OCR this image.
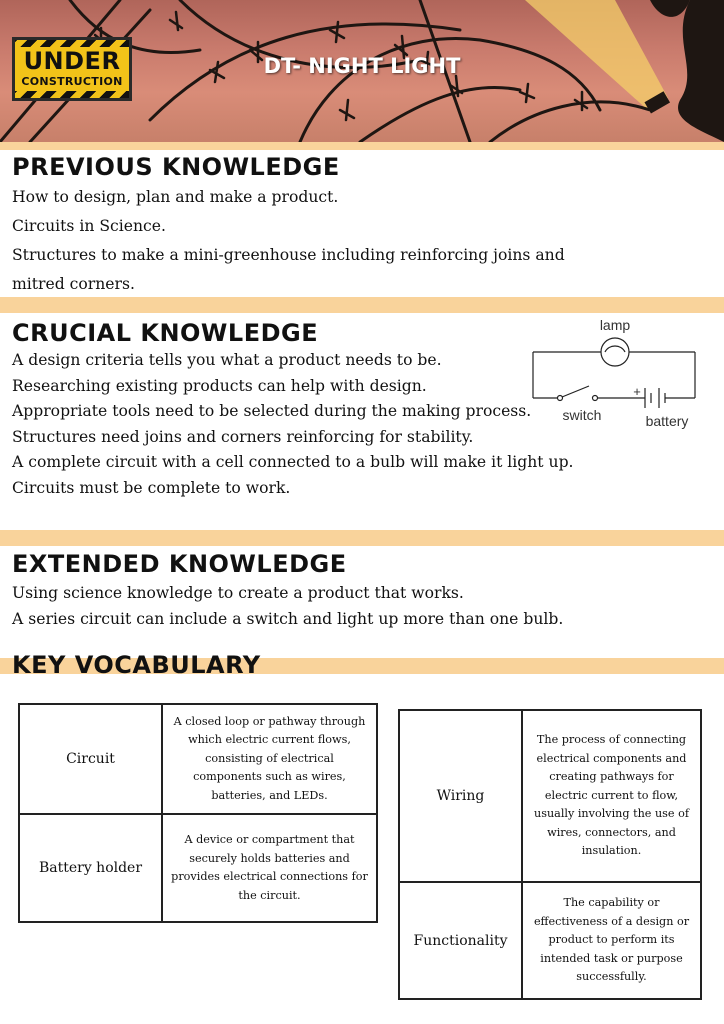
UNDER
CONSTRUCTION
DT- NIGHT LIGHT
PREVIOUS KNOWLEDGE
How to design, plan and make a product.
Circuits in Science.
Structures to make a mini-greenhouse including reinforcing joins and
mitred corners.
CRUCIAL KNOWLEDGE
A design criteria tells you what a product needs to be.
Researching existing products can help with design.
Appropriate tools need to be selected during the making process.
Structures need joins and corners reinforcing for stability.
A complete circuit with a cell connected to a bulb will make it light up.
Circuits must be complete to work.
lamp
switch	battery
+
EXTENDED KNOWLEDGE
Using science knowledge to create a product that works.
A series circuit can include a switch and light up more than one bulb.
KEY VOCABULARY
Circuit	A closed loop or pathway through which electric current flows, consisting of electrical components such as wires, batteries, and LEDs.
Battery holder	A device or compartment that securely holds batteries and provides electrical connections for the circuit.
Wiring	The process of connecting electrical components and creating pathways for electric current to flow, usually involving the use of wires, connectors, and insulation.
Functionality	The capability or effectiveness of a design or product to perform its intended task or purpose successfully.
